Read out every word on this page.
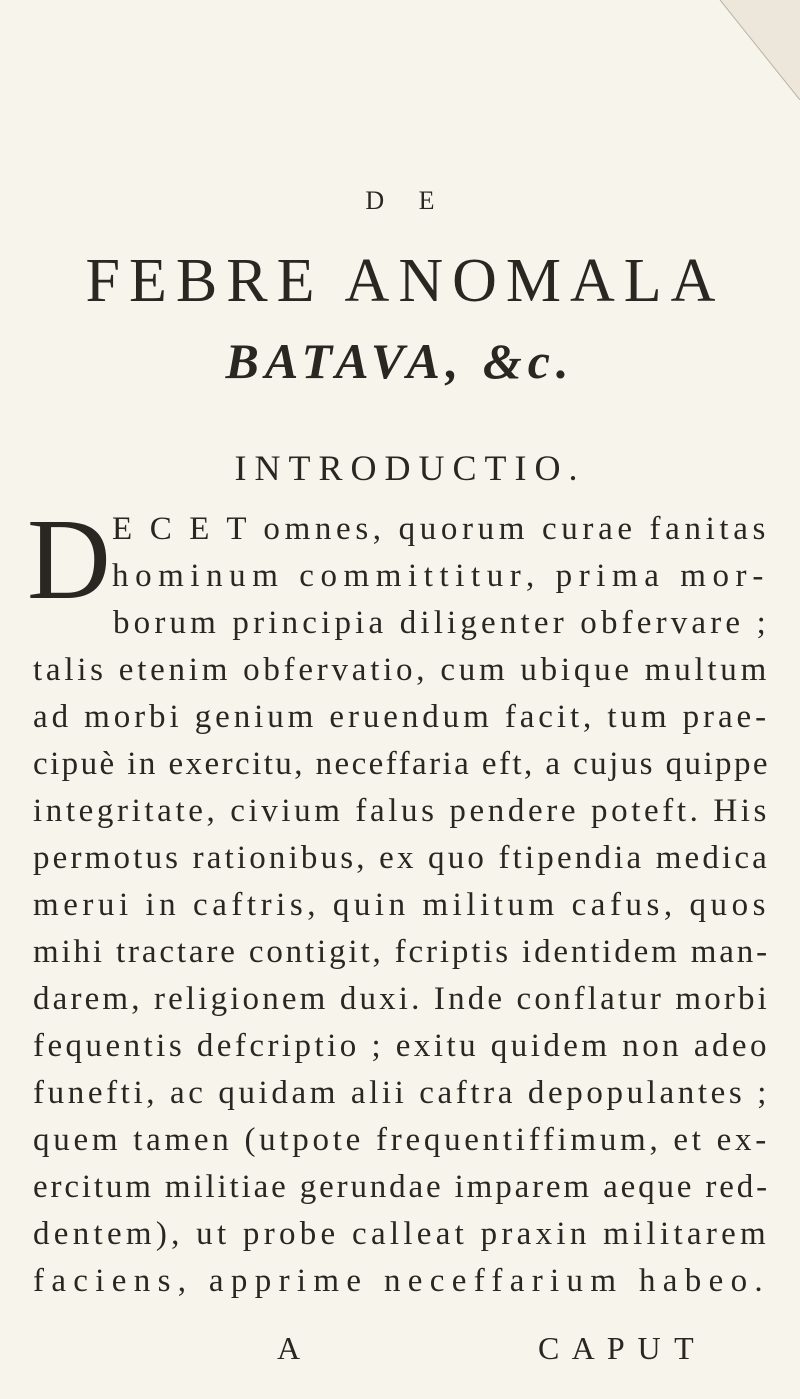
D E
FEBRE ANOMALA
BATAVA, &c.
INTRODUCTIO.
D E C E T omnes, quorum curae fanitas
hominum committitur, prima mor-
borum principia diligenter obfervare ;
talis etenim obfervatio, cum ubique multum
ad morbi genium eruendum facit, tum prae-
cipuè in exercitu, neceffaria eft, a cujus quippe
integritate, civium falus pendere poteft. His
permotus rationibus, ex quo ftipendia medica
merui in caftris, quin militum cafus, quos
mihi tractare contigit, fcriptis identidem man-
darem, religionem duxi. Inde conflatur morbi
fequentis defcriptio ; exitu quidem non adeo
funefti, ac quidam alii caftra depopulantes ;
quem tamen (utpote frequentiffimum, et ex-
ercitum militiae gerundae imparem aeque red-
dentem), ut probe calleat praxin militarem
faciens, apprime neceffarium habeo.
A	C A P U T
